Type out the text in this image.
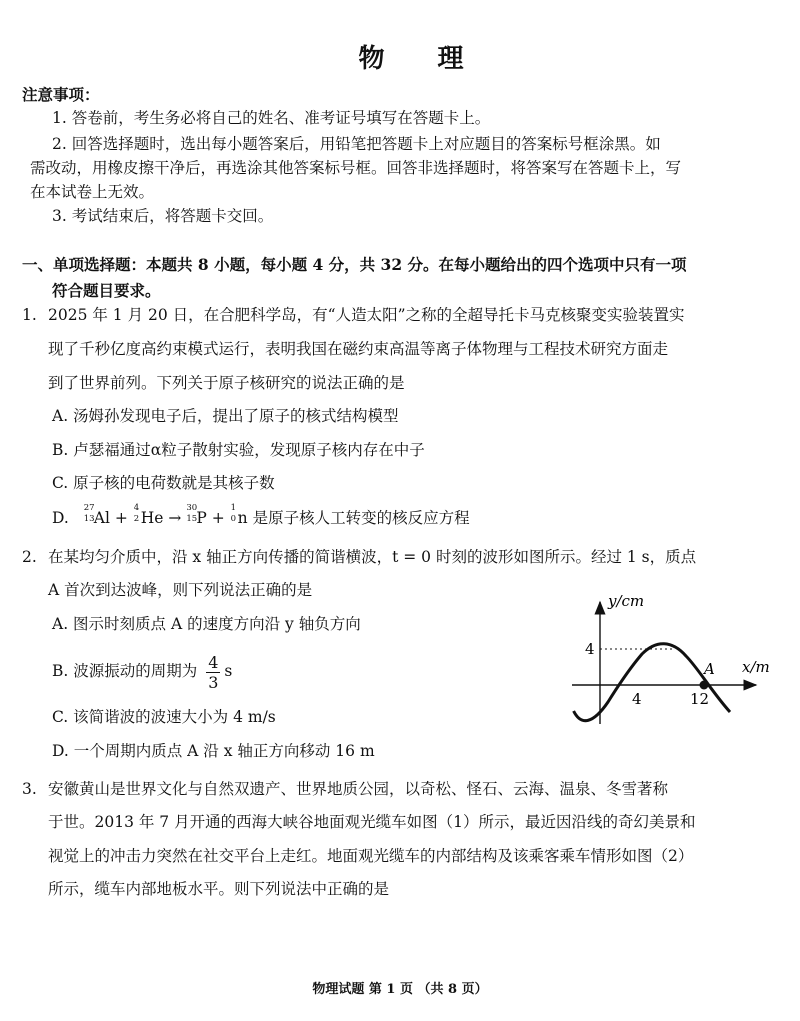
物 理
注意事项：
1. 答卷前，考生务必将自己的姓名、准考证号填写在答题卡上。
2. 回答选择题时，选出每小题答案后，用铅笔把答题卡上对应题目的答案标号框涂黑。如
需改动，用橡皮擦干净后，再选涂其他答案标号框。回答非选择题时，将答案写在答题卡上，写
在本试卷上无效。
3. 考试结束后，将答题卡交回。
一、单项选择题：本题共 8 小题，每小题 4 分，共 32 分。在每小题给出的四个选项中只有一项
符合题目要求。
1. 2025 年 1 月 20 日，在合肥科学岛，有“人造太阳”之称的全超导托卡马克核聚变实验装置实
现了千秒亿度高约束模式运行，表明我国在磁约束高温等离子体物理与工程技术研究方面走
到了世界前列。下列关于原子核研究的说法正确的是
A. 汤姆孙发现电子后，提出了原子的核式结构模型
B. 卢瑟福通过α粒子散射实验，发现原子核内存在中子
C. 原子核的电荷数就是其核子数
D.
27
13 Al +
4
2 He →
30
15 P +
1
0 n 是原子核人工转变的核反应方程
2. 在某均匀介质中，沿 x 轴正方向传播的简谐横波，t = 0 时刻的波形如图所示。经过 1 s，质点
A 首次到达波峰，则下列说法正确的是
A. 图示时刻质点 A 的速度方向沿 y 轴负方向
B. 波源振动的周期为 $\frac{4}{3}$ s
C. 该简谐波的波速大小为 4 m/s
D. 一个周期内质点 A 沿 x 轴正方向移动 16 m
y/cm
x/m
4
4	12
A
3. 安徽黄山是世界文化与自然双遗产、世界地质公园，以奇松、怪石、云海、温泉、冬雪著称
于世。2013 年 7 月开通的西海大峡谷地面观光缆车如图（1）所示，最近因沿线的奇幻美景和
视觉上的冲击力突然在社交平台上走红。地面观光缆车的内部结构及该乘客乘车情形如图（2）
所示，缆车内部地板水平。则下列说法中正确的是
物理试题 第 1 页 （共 8 页）
